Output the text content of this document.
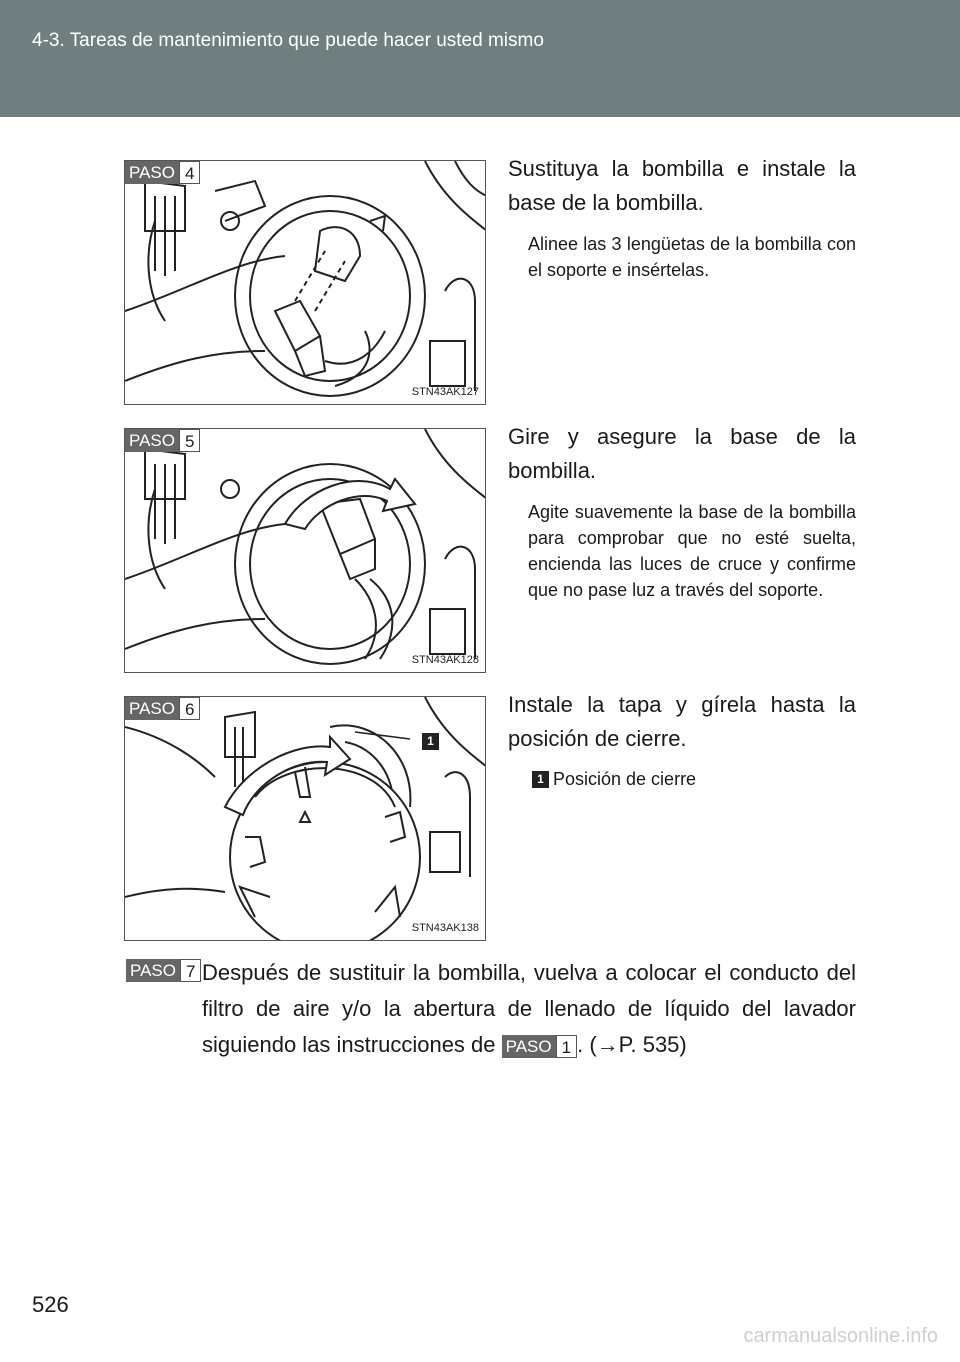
4-3. Tareas de mantenimiento que puede hacer usted mismo
PASO 4
STN43AK127
Sustituya la bombilla e instale la base de la bombilla.
Alinee las 3 lengüetas de la bombilla con el soporte e insértelas.
PASO 5
STN43AK128
Gire y asegure la base de la bombilla.
Agite suavemente la base de la bombilla para comprobar que no esté suelta, encienda las luces de cruce y confirme que no pase luz a través del soporte.
1
PASO 6
STN43AK138
Instale la tapa y gírela hasta la posición de cierre.
1 Posición de cierre
PASO 7 Después de sustituir la bombilla, vuelva a colocar el conducto del filtro de aire y/o la abertura de llenado de líquido del lavador siguiendo las instrucciones de PASO 1 . (→P. 535)
526
carmanualsonline.info
